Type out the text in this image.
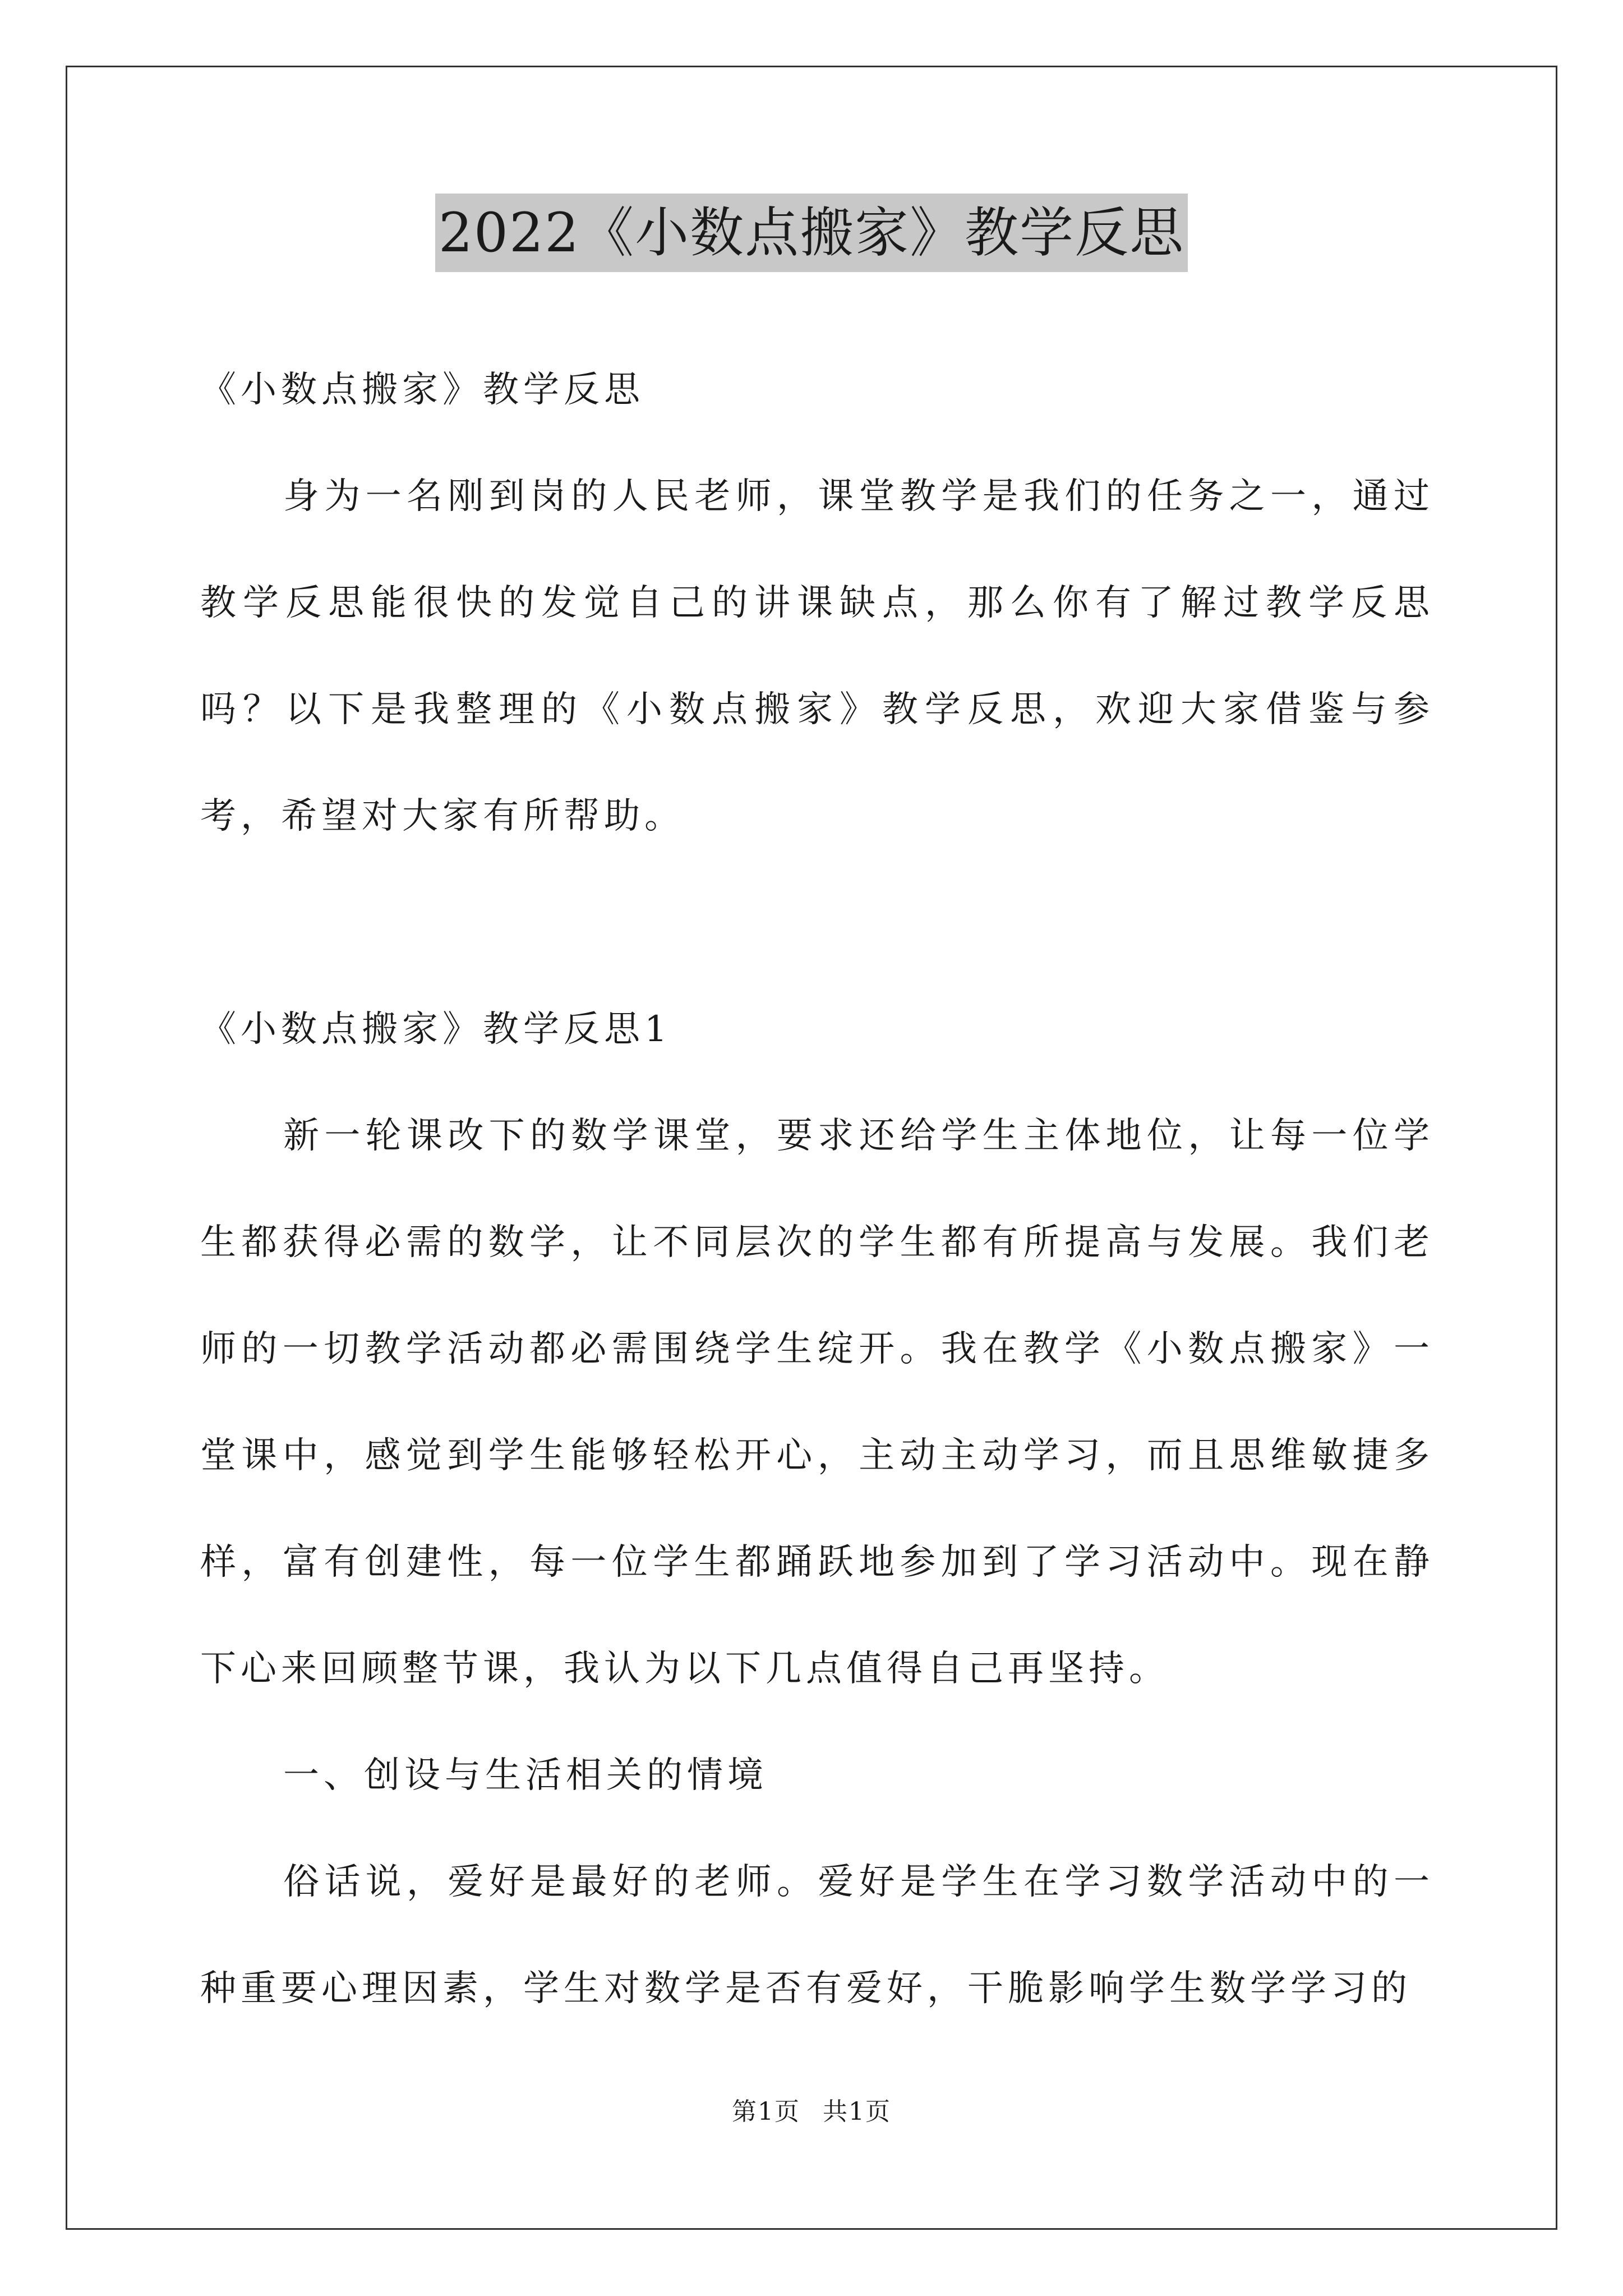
2022《小数点搬家》教学反思

《小数点搬家》教学反思

身为一名刚到岗的人民老师，课堂教学是我们的任务之一，通过教学反思能很快的发觉自己的讲课缺点，那么你有了解过教学反思吗？以下是我整理的《小数点搬家》教学反思，欢迎大家借鉴与参考，希望对大家有所帮助。

《小数点搬家》教学反思1

新一轮课改下的数学课堂，要求还给学生主体地位，让每一位学生都获得必需的数学，让不同层次的学生都有所提高与发展。我们老师的一切教学活动都必需围绕学生绽开。我在教学《小数点搬家》一堂课中，感觉到学生能够轻松开心，主动主动学习，而且思维敏捷多样，富有创建性，每一位学生都踊跃地参加到了学习活动中。现在静下心来回顾整节课，我认为以下几点值得自己再坚持。

一、创设与生活相关的情境

俗话说，爱好是最好的老师。爱好是学生在学习数学活动中的一种重要心理因素，学生对数学是否有爱好，干脆影响学生数学学习的

第1页 共1页
